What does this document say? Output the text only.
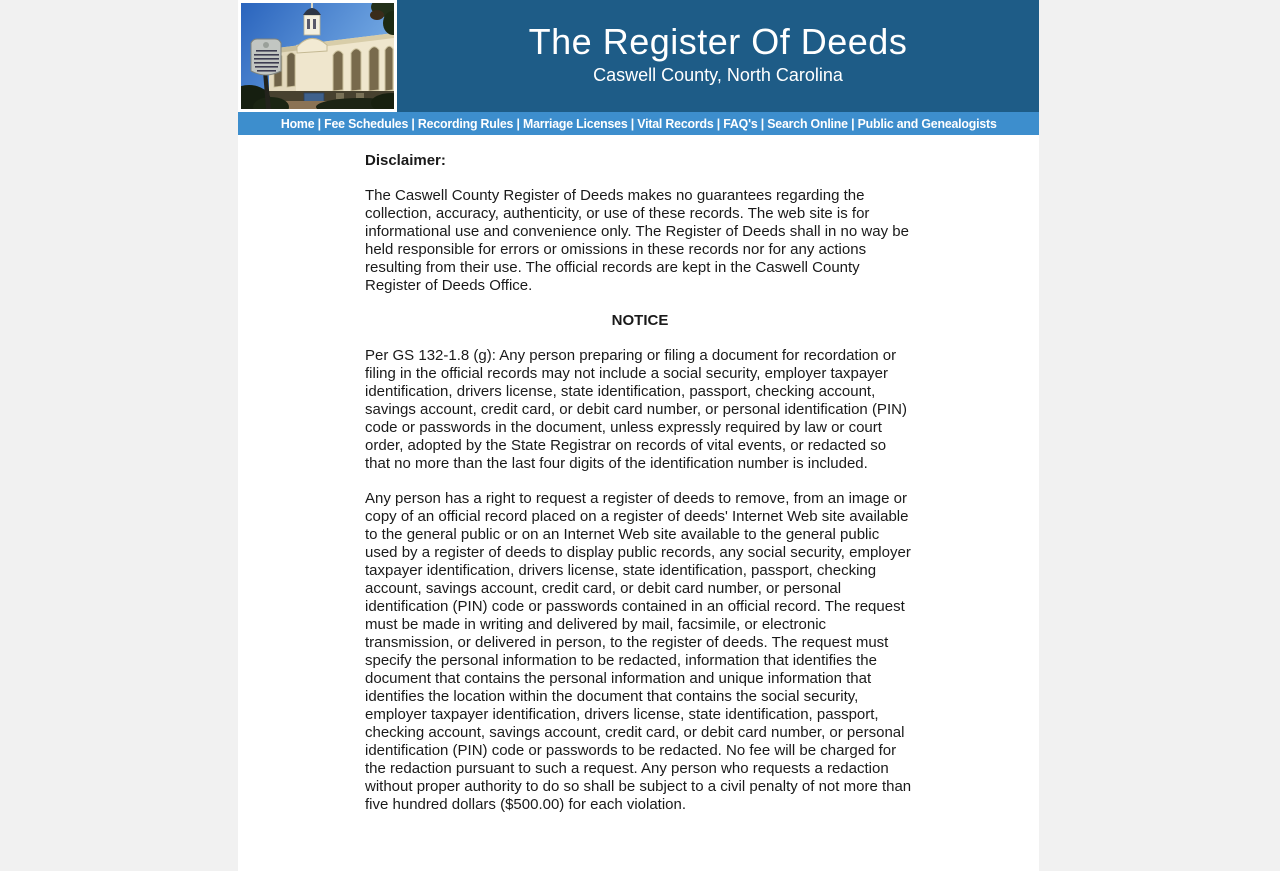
The Register Of Deeds
Caswell County, North Carolina
Home | Fee Schedules | Recording Rules | Marriage Licenses | Vital Records | FAQ's | Search Online | Public and Genealogists
Disclaimer:

The Caswell County Register of Deeds makes no guarantees regarding the collection, accuracy, authenticity, or use of these records. The web site is for informational use and convenience only. The Register of Deeds shall in no way be held responsible for errors or omissions in these records nor for any actions resulting from their use. The official records are kept in the Caswell County Register of Deeds Office.

NOTICE

Per GS 132-1.8 (g): Any person preparing or filing a document for recordation or filing in the official records may not include a social security, employer taxpayer identification, drivers license, state identification, passport, checking account, savings account, credit card, or debit card number, or personal identification (PIN) code or passwords in the document, unless expressly required by law or court order, adopted by the State Registrar on records of vital events, or redacted so that no more than the last four digits of the identification number is included.

Any person has a right to request a register of deeds to remove, from an image or copy of an official record placed on a register of deeds' Internet Web site available to the general public or on an Internet Web site available to the general public used by a register of deeds to display public records, any social security, employer taxpayer identification, drivers license, state identification, passport, checking account, savings account, credit card, or debit card number, or personal identification (PIN) code or passwords contained in an official record. The request must be made in writing and delivered by mail, facsimile, or electronic transmission, or delivered in person, to the register of deeds. The request must specify the personal information to be redacted, information that identifies the document that contains the personal information and unique information that identifies the location within the document that contains the social security, employer taxpayer identification, drivers license, state identification, passport, checking account, savings account, credit card, or debit card number, or personal identification (PIN) code or passwords to be redacted. No fee will be charged for the redaction pursuant to such a request. Any person who requests a redaction without proper authority to do so shall be subject to a civil penalty of not more than five hundred dollars ($500.00) for each violation.
